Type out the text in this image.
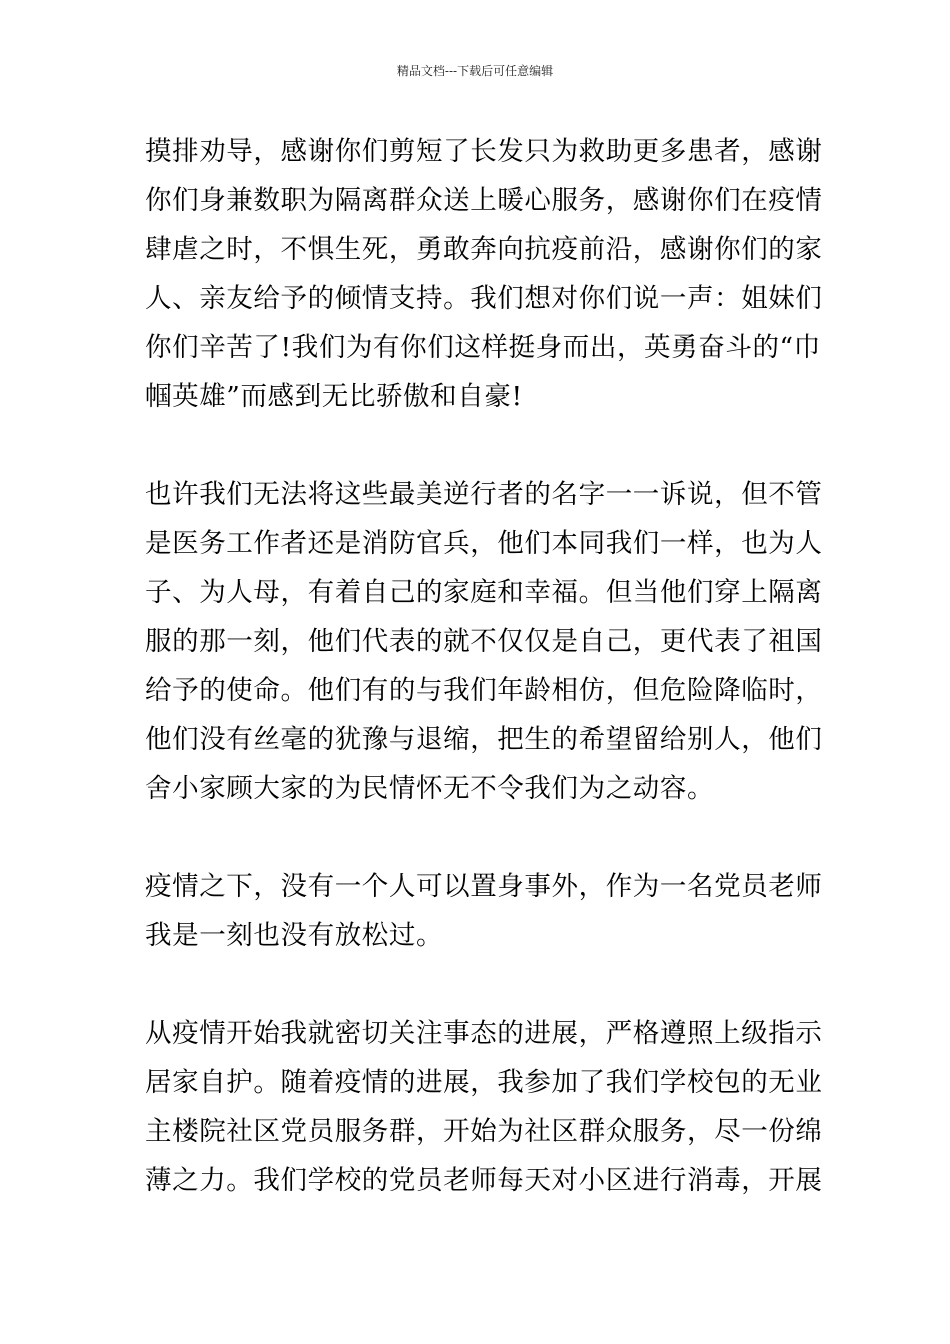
精品文档---下载后可任意编辑
摸排劝导，感谢你们剪短了长发只为救助更多患者，感谢
你们身兼数职为隔离群众送上暖心服务，感谢你们在疫情
肆虐之时，不惧生死，勇敢奔向抗疫前沿，感谢你们的家
人、亲友给予的倾情支持。我们想对你们说一声：姐妹们
你们辛苦了!我们为有你们这样挺身而出，英勇奋斗的“巾
帼英雄”而感到无比骄傲和自豪!
也许我们无法将这些最美逆行者的名字一一诉说，但不管
是医务工作者还是消防官兵，他们本同我们一样，也为人
子、为人母，有着自己的家庭和幸福。但当他们穿上隔离
服的那一刻，他们代表的就不仅仅是自己，更代表了祖国
给予的使命。他们有的与我们年龄相仿，但危险降临时，
他们没有丝毫的犹豫与退缩，把生的希望留给别人，他们
舍小家顾大家的为民情怀无不令我们为之动容。
疫情之下，没有一个人可以置身事外，作为一名党员老师
我是一刻也没有放松过。
从疫情开始我就密切关注事态的进展，严格遵照上级指示
居家自护。随着疫情的进展，我参加了我们学校包的无业
主楼院社区党员服务群，开始为社区群众服务，尽一份绵
薄之力。我们学校的党员老师每天对小区进行消毒，开展
